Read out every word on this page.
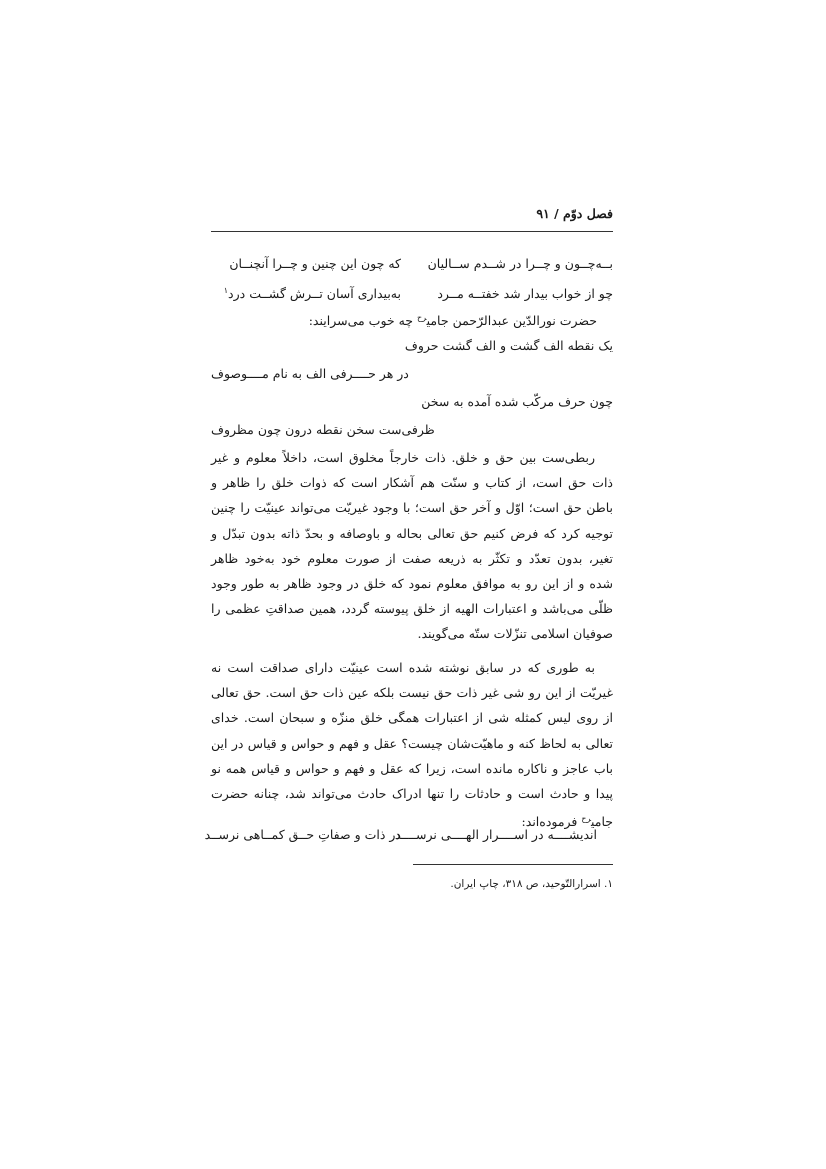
فصل دوّم / ۹۱
بــه‌چــون و چــرا در شــدم ســالیانکه چون این چنین و چــرا آنچنــان
چو از خواب بیدار شد خفتــه مــردبه‌بیداری آسان تــرش گشــت درد$^۱$
حضرت نورالدّین عبدالرّحمن جامی$^{رح}$ چه خوب می‌سرایند:
یک نقطه الف گشت و الف گشت حروف
در هر حــــرفی الف به نام مــــوصوف
چون حرف مرکّب شده آمده به سخن
ظرفی‌ست سخن نقطه درون چون مظروف
ربطی‌ست بین حق و خلق. ذات خارجاً مخلوق است، داخلاً معلوم و غیر
ذات حق است، از کتاب و سنّت هم آشکار است که ذوات خلق را ظاهر و
باطن حق است؛ اوّل و آخر حق است؛ با وجود غیریّت می‌تواند عینیّت را چنین
توجیه کرد که فرض کنیم حق تعالی بحاله و باوصافه و بحدّ ذاته بدون تبدّل و
تغیر، بدون تعدّد و تکثّر به ذریعه صفت از صورت معلوم خود به‌خود ظاهر
شده و از این رو به موافق معلوم نمود که خلق در وجود ظاهر به طور وجود
ظلّی می‌باشد و اعتبارات الهیه از خلق پیوسته گردد، همین صداقتِ عظمی را
صوفیان اسلامی تنزّلات ستّه می‌گویند.
به طوری که در سابق نوشته شده است عینیّت دارای صداقت است نه
غیریّت از این رو شی غیر ذات حق نیست بلکه عین ذات حق است. حق تعالی
از روی لیس کمثله شی از اعتبارات همگی خلق منزّه و سبحان است. خدای
تعالی به لحاظ کنه و ماهیّت‌شان چیست؟ عقل و فهم و حواس و قیاس در این
باب عاجز و ناکاره مانده است، زیرا که عقل و فهم و حواس و قیاس همه نو
پیدا و حادث است و حادثات را تنها ادراک حادث می‌تواند شد، چنانه حضرت
جامی$^{رح}$ فرموده‌اند:
اندیشــــه در اســــرار الهــــی نرســــددر ذات و صفاتِ حــق کمــاهی نرســد
۱. اسرارالتّوحید، ص ۳۱۸، چاپ ایران.
